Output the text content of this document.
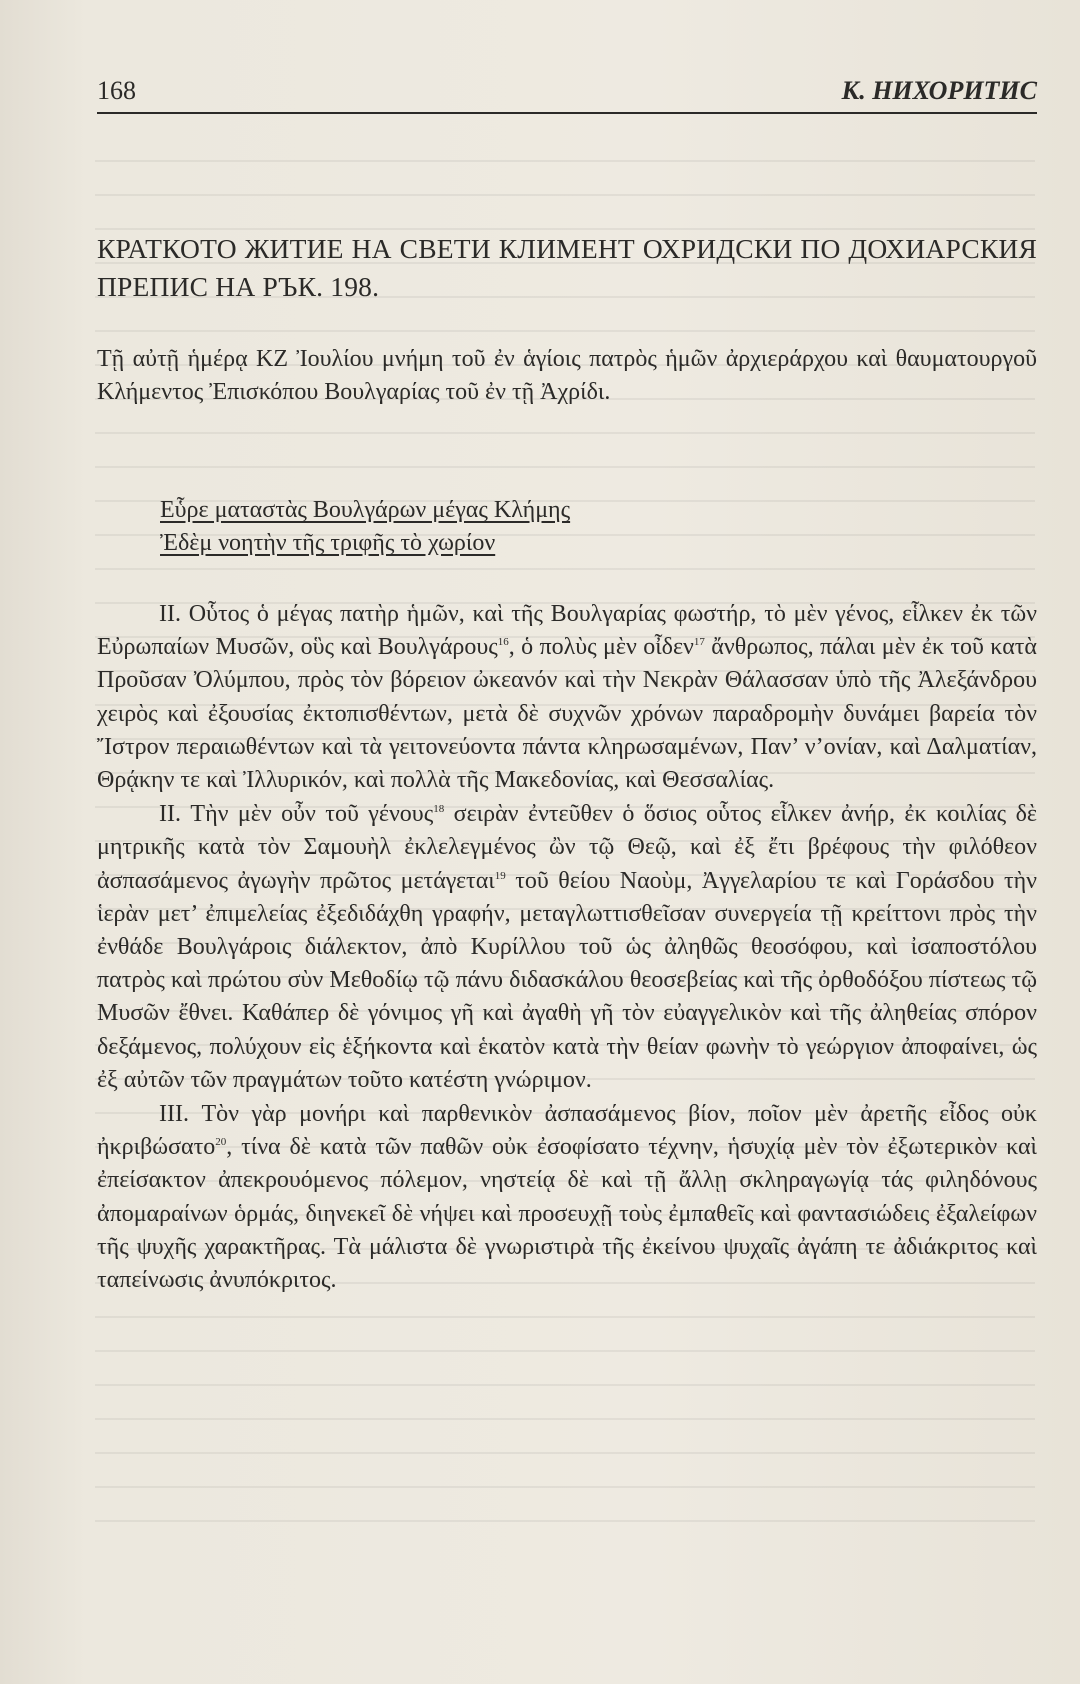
168	К. НИХОРИТИС
КРАТКОТО ЖИТИЕ НА СВЕТИ КЛИМЕНТ ОХРИДСКИ ПО ДОХИАРСКИЯ ПРЕПИС НА РЪК. 198.
Τῇ αὐτῇ ἡμέρᾳ ΚΖ Ἰουλίου μνήμη τοῦ ἐν ἁγίοις πατρὸς ἡμῶν ἀρχιεράρχου καὶ θαυματουργοῦ Κλήμεντος Ἐπισκόπου Βουλγαρίας τοῦ ἐν τῇ Ἀχρίδι.
Εὗρε ματαστὰς Βουλγάρων μέγας Κλήμης
Ἐδὲμ νοητὴν τῆς τριφῆς τὸ χωρίον

II. Οὗτος ὁ μέγας πατὴρ ἡμῶν, καὶ τῆς Βουλγαρίας φωστήρ, τὸ μὲν γένος, εἷλκεν ἐκ τῶν Εὐρωπαίων Μυσῶν, οὓς καὶ Βουλγάρους$^{16}$, ὁ πολὺς μὲν οἶδεν$^{17}$ ἄνθρωπος, πάλαι μὲν ἐκ τοῦ κατὰ Προῦσαν Ὀλύμπου, πρὸς τὸν βόρειον ὠκεανόν καὶ τὴν Νεκρὰν Θάλασσαν ὑπὸ τῆς Ἀλεξάνδρου χειρὸς καὶ ἐξουσίας ἐκτοπισθέντων, μετὰ δὲ συχνῶν χρόνων παραδρομὴν δυνάμει βαρεία τὸν Ἴστρον περαιωθέντων καὶ τὰ γειτονεύοντα πάντα κληρωσαμένων, Παν’ ν’ονίαν, καὶ Δαλματίαν, Θρᾴκην τε καὶ Ἰλλυρικόν, καὶ πολλὰ τῆς Μακεδονίας, καὶ Θεσσαλίας.

II. Τὴν μὲν οὖν τοῦ γένους$^{18}$ σειρὰν ἐντεῦθεν ὁ ὅσιος οὗτος εἷλκεν ἀνήρ, ἐκ κοιλίας δὲ μητρικῆς κατὰ τὸν Σαμουὴλ ἐκλελεγμένος ὢν τῷ Θεῷ, καὶ ἐξ ἔτι βρέφους τὴν φιλόθεον ἀσπασάμενος ἀγωγὴν πρῶτος μετάγεται$^{19}$ τοῦ θείου Ναοὺμ, Ἀγγελαρίου τε καὶ Γοράσδου τὴν ἱερὰν μετ’ ἐπιμελείας ἐξεδιδάχθη γραφήν, μεταγλωττισθεῖσαν συνεργεία τῇ κρείττονι πρὸς τὴν ἐνθάδε Βουλγάροις διάλεκτον, ἀπὸ Κυρίλλου τοῦ ὡς ἀληθῶς θεοσόφου, καὶ ἰσαποστόλου πατρὸς καὶ πρώτου σὺν Μεθοδίῳ τῷ πάνυ διδασκάλου θεοσεβείας καὶ τῆς ὀρθοδόξου πίστεως τῷ Μυσῶν ἔθνει. Καθάπερ δὲ γόνιμος γῆ καὶ ἀγαθὴ γῆ τὸν εὐαγγελικὸν καὶ τῆς ἀληθείας σπόρον δεξάμενος, πολύχουν εἰς ἑξήκοντα καὶ ἑκατὸν κατὰ τὴν θείαν φωνὴν τὸ γεώργιον ἀποφαίνει, ὡς ἐξ αὐτῶν τῶν πραγμάτων τοῦτο κατέστη γνώριμον.

III. Τὸν γὰρ μονήρι καὶ παρθενικὸν ἀσπασάμενος βίον, ποῖον μὲν ἀρετῆς εἶδος οὐκ ἠκριβώσατο$^{20}$, τίνα δὲ κατὰ τῶν παθῶν οὐκ ἐσοφίσατο τέχνην, ἡσυχίᾳ μὲν τὸν ἐξωτερικὸν καὶ ἐπείσακτον ἀπεκρουόμενος πόλεμον, νηστείᾳ δὲ καὶ τῇ ἄλλῃ σκληραγωγίᾳ τάς φιληδόνους ἀπομαραίνων ὁρμάς, διηνεκεῖ δὲ νήψει καὶ προσευχῇ τοὺς ἐμπαθεῖς καὶ φαντασιώδεις ἐξαλείφων τῆς ψυχῆς χαρακτῆρας. Τὰ μάλιστα δὲ γνωριστιρὰ τῆς ἐκείνου ψυχαῖς ἀγάπη τε ἀδιάκριτος καὶ ταπείνωσις ἀνυπόκριτος.
